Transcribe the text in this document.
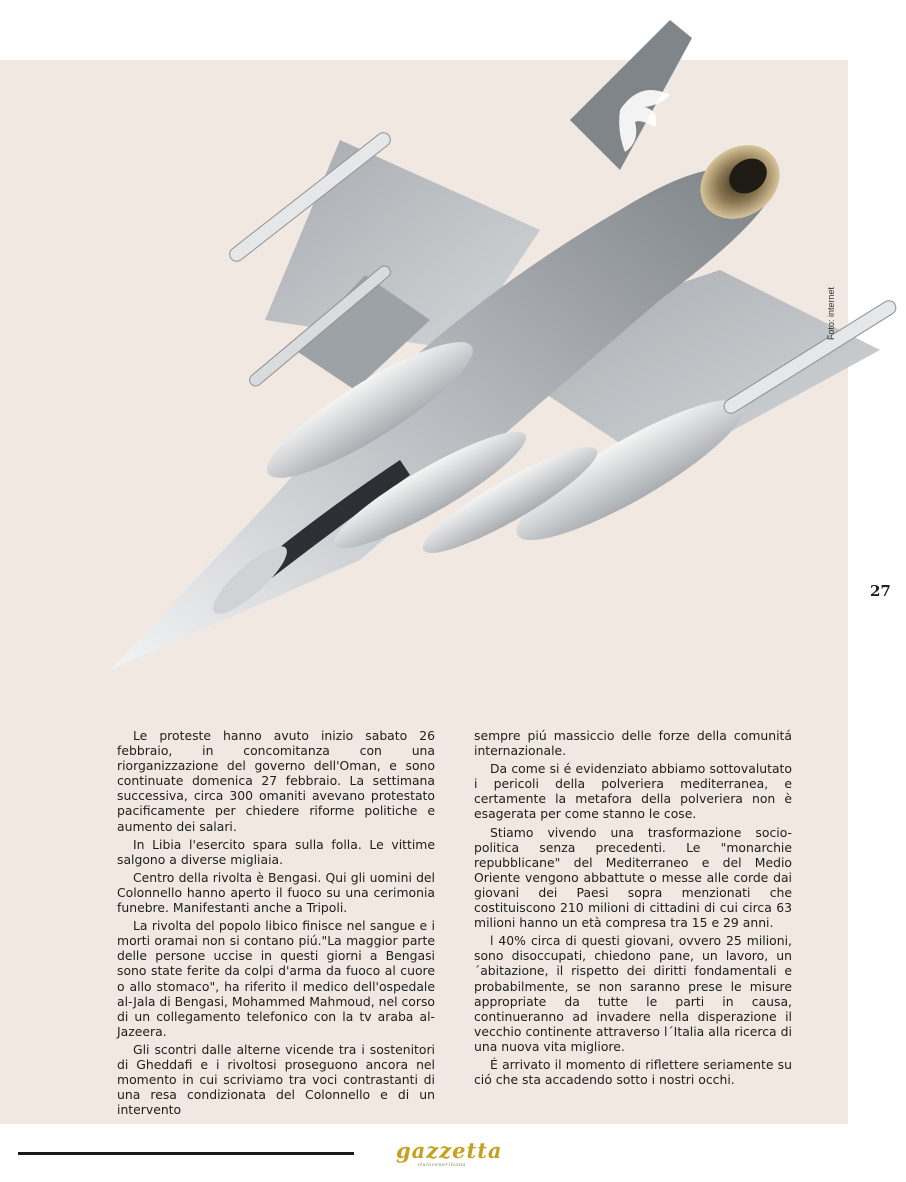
Foto: internet
27

Le proteste hanno avuto inizio sabato 26 febbraio, in concomitanza con una riorganizzazione del governo dell'Oman, e sono continuate domenica 27 febbraio. La settimana successiva, circa 300 omaniti avevano protestato pacificamente per chiedere riforme politiche e aumento dei salari.

In Libia l'esercito spara sulla folla. Le vittime salgono a diverse migliaia.

Centro della rivolta è Bengasi. Qui gli uomini del Colonnello hanno aperto il fuoco su una cerimonia funebre. Manifestanti anche a Tripoli.

La rivolta del popolo libico finisce nel sangue e i morti oramai non si contano piú."La maggior parte delle persone uccise in questi giorni a Bengasi sono state ferite da colpi d'arma da fuoco al cuore o allo stomaco", ha riferito il medico dell'ospedale al-Jala di Bengasi, Mohammed Mahmoud, nel corso di un collegamento telefonico con la tv araba al-Jazeera.

Gli scontri dalle alterne vicende tra i sostenitori di Gheddafi e i rivoltosi proseguono ancora nel momento in cui scriviamo tra voci contrastanti di una resa condizionata del Colonnello e di un intervento

sempre piú massiccio delle forze della comunitá internazionale.

Da come si é evidenziato abbiamo sottovalutato i pericoli della polveriera mediterranea, e certamente la metafora della polveriera non è esagerata per come stanno le cose.

Stiamo vivendo una trasformazione socio-politica senza precedenti. Le "monarchie repubblicane" del Mediterraneo e del Medio Oriente vengono abbattute o messe alle corde dai giovani dei Paesi sopra menzionati che costituiscono 210 milioni di cittadini di cui circa 63 milioni hanno un età compresa tra 15 e 29 anni.

l 40% circa di questi giovani, ovvero 25 milioni, sono disoccupati, chiedono pane, un lavoro, un´abitazione, il rispetto dei diritti fondamentali e probabilmente, se non saranno prese le misure appropriate da tutte le parti in causa, continueranno ad invadere nella disperazione il vecchio continente attraverso l´Italia alla ricerca di una nuova vita migliore.

É arrivato il momento di riflettere seriamente su ció che sta accadendo sotto i nostri occhi.

gazzetta
italoceneritiana
